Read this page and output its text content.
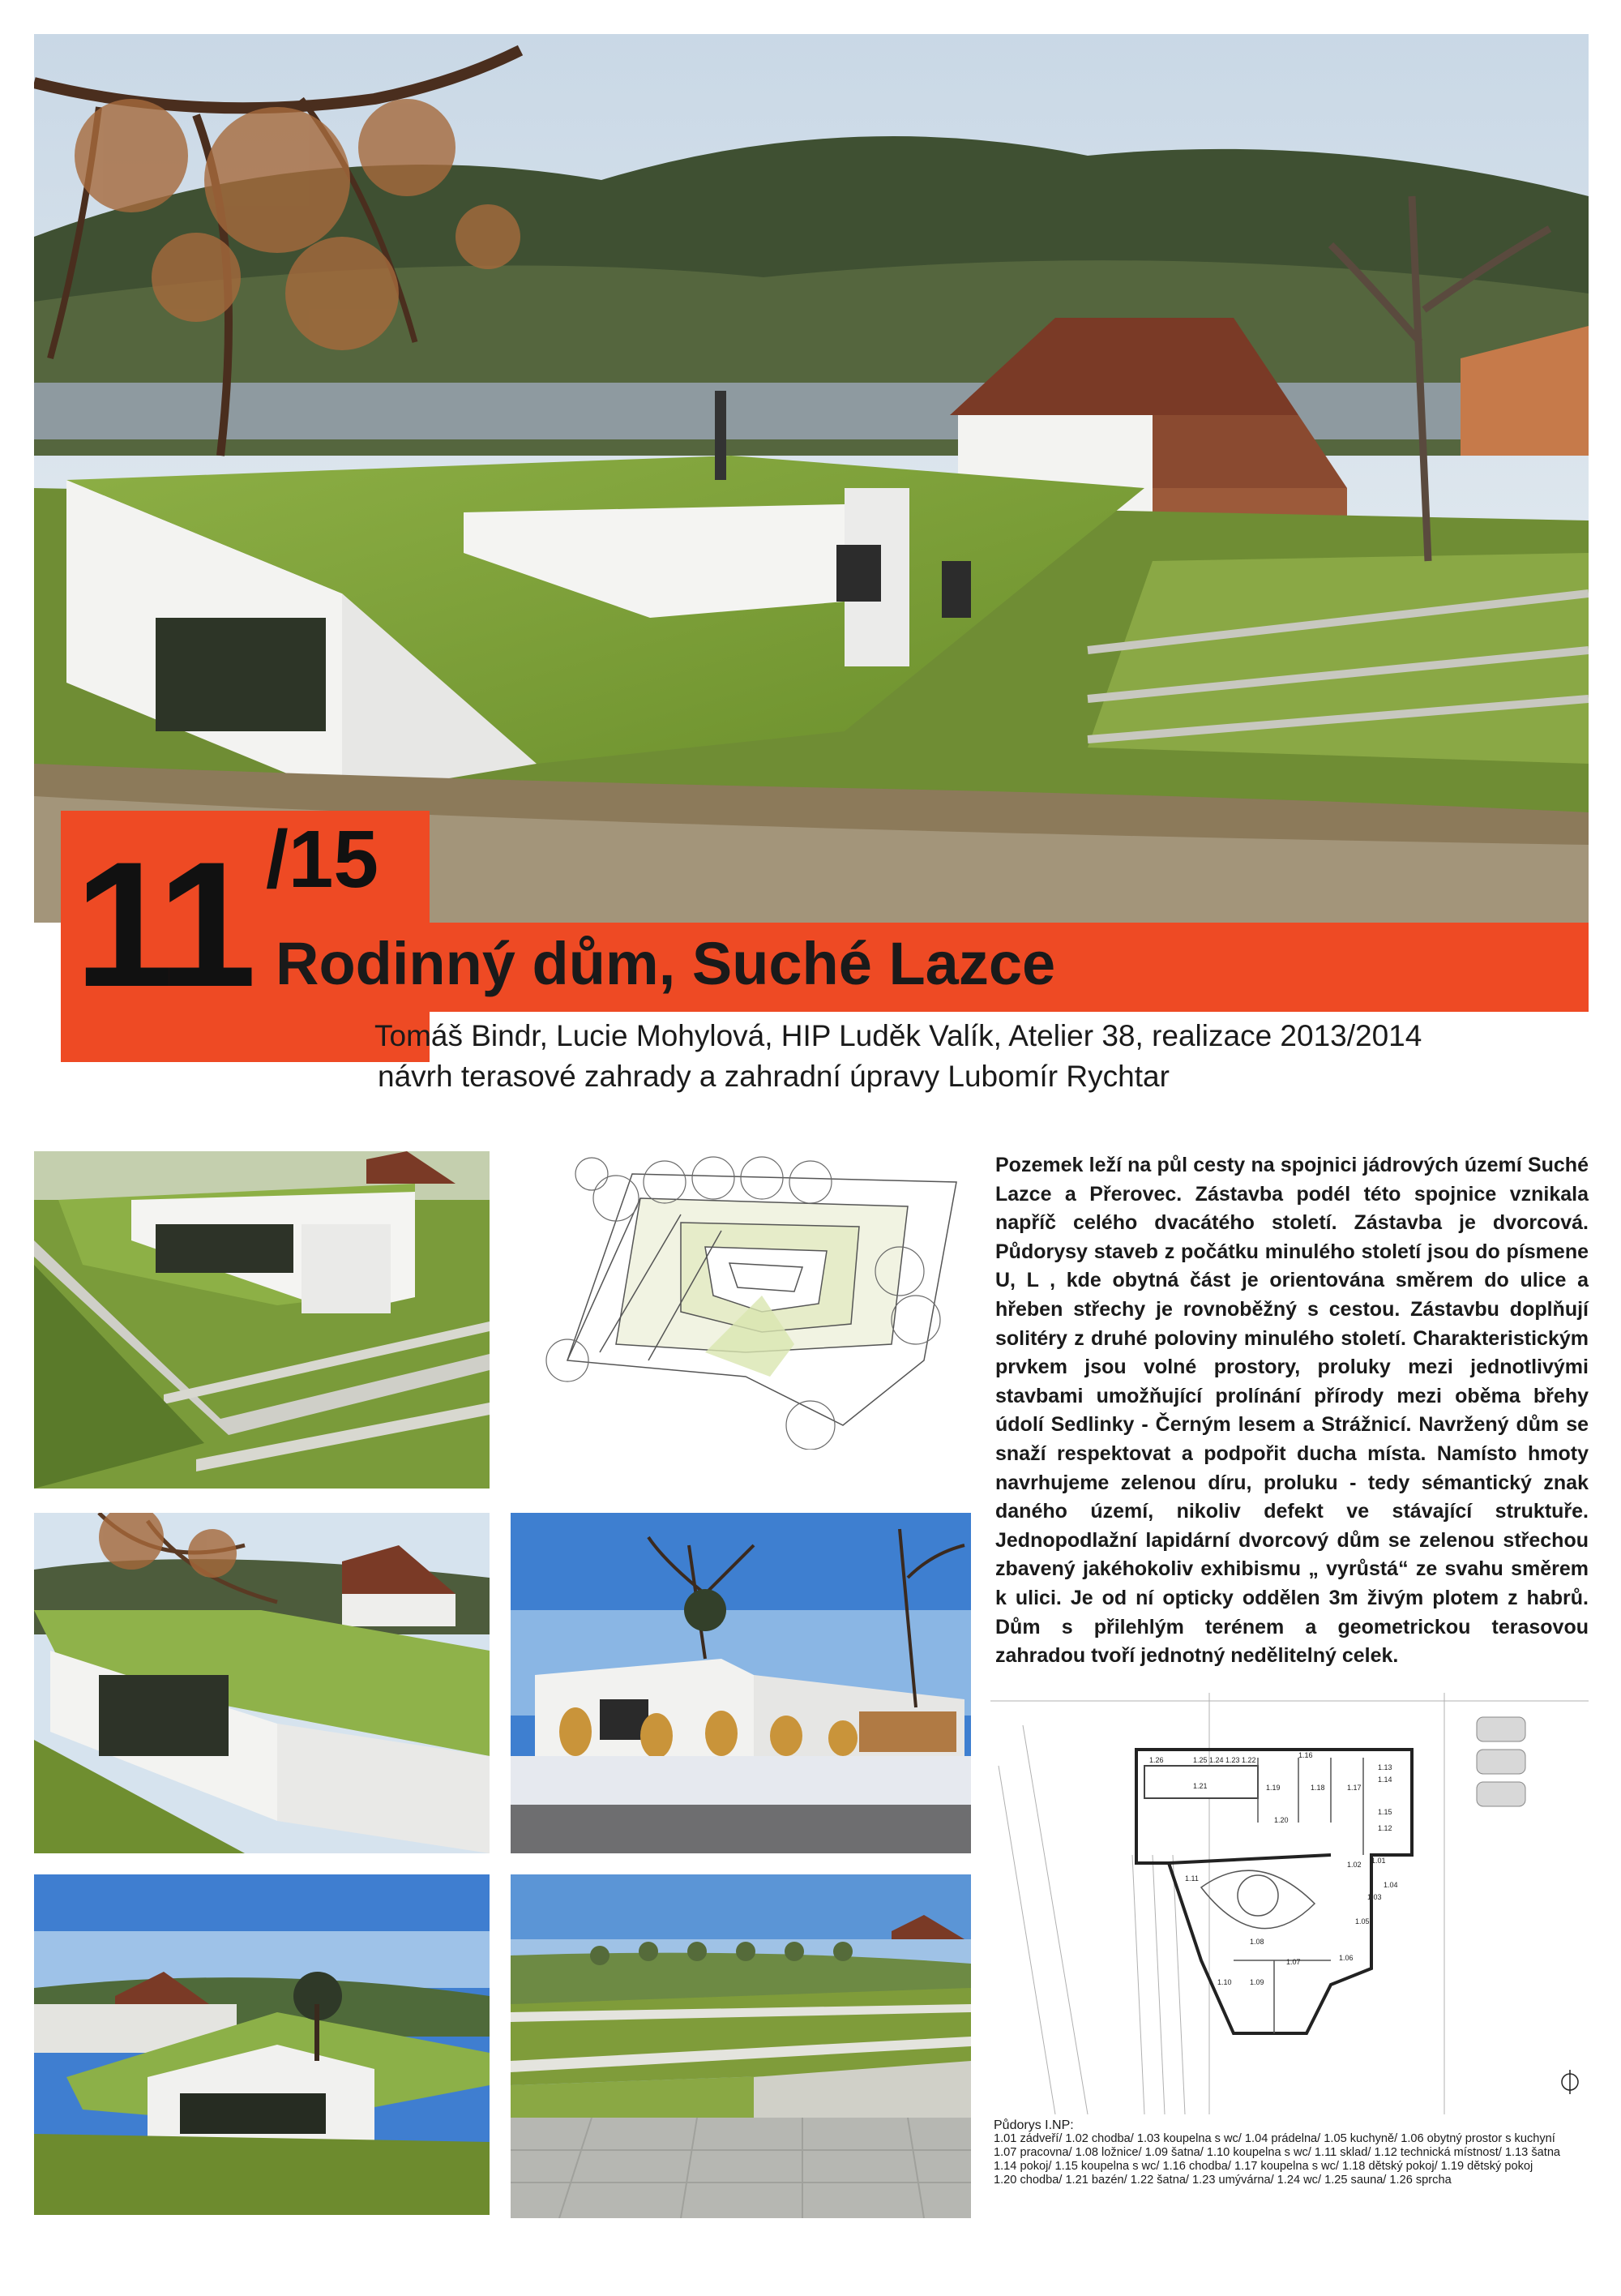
11 /15
Rodinný dům, Suché Lazce
Tomáš Bindr, Lucie Mohylová, HIP Luděk Valík, Atelier 38, realizace 2013/2014
návrh terasové zahrady a zahradní úpravy Lubomír Rychtar
Pozemek leží na půl cesty na spojnici jádrových území Suché Lazce a Přerovec. Zástavba podél této spojnice vznikala napříč celého dvacátého století. Zástavba je dvorcová. Půdorysy staveb z počátku minulého století jsou do písmene U, L , kde obytná část je orientována směrem do ulice a hřeben střechy je rovnoběžný s cestou. Zástavbu doplňují solitéry z druhé poloviny minulého století. Charakteristickým prvkem jsou volné prostory, proluky mezi jednotlivými stavbami umožňující prolínání přírody mezi oběma břehy údolí Sedlinky - Černým lesem a Strážnicí. Navržený dům se snaží respektovat a podpořit ducha místa. Namísto hmoty navrhujeme zelenou díru, proluku - tedy sémantický znak daného území, nikoliv defekt ve stávající struktuře. Jednopodlažní lapidární dvorcový dům se zelenou střechou zbavený jakéhokoliv exhibismu „ vyrůstá“ ze svahu směrem k ulici. Je od ní opticky oddělen 3m živým plotem z habrů. Dům s přilehlým terénem a geometrickou terasovou zahradou tvoří jednotný nedělitelný celek.
1.26	1.25 1.24 1.23
1.21
1.22
1.16
1.19	1.18	1.17
1.20
1.14
1.13
1.15
1.12
1.01
1.02
1.04
1.03
1.05
1.06
1.07
1.08
1.09
1.10
1.11
Půdorys I.NP:
1.01 zádveří/ 1.02 chodba/ 1.03 koupelna s wc/ 1.04 prádelna/ 1.05 kuchyně/ 1.06 obytný prostor s kuchyní
1.07 pracovna/ 1.08 ložnice/ 1.09 šatna/ 1.10 koupelna s wc/ 1.11 sklad/ 1.12 technická místnost/ 1.13 šatna
1.14 pokoj/ 1.15 koupelna s wc/ 1.16 chodba/ 1.17 koupelna s wc/ 1.18 dětský pokoj/ 1.19 dětský pokoj
1.20 chodba/ 1.21 bazén/ 1.22 šatna/ 1.23 umývárna/ 1.24 wc/ 1.25 sauna/ 1.26 sprcha
